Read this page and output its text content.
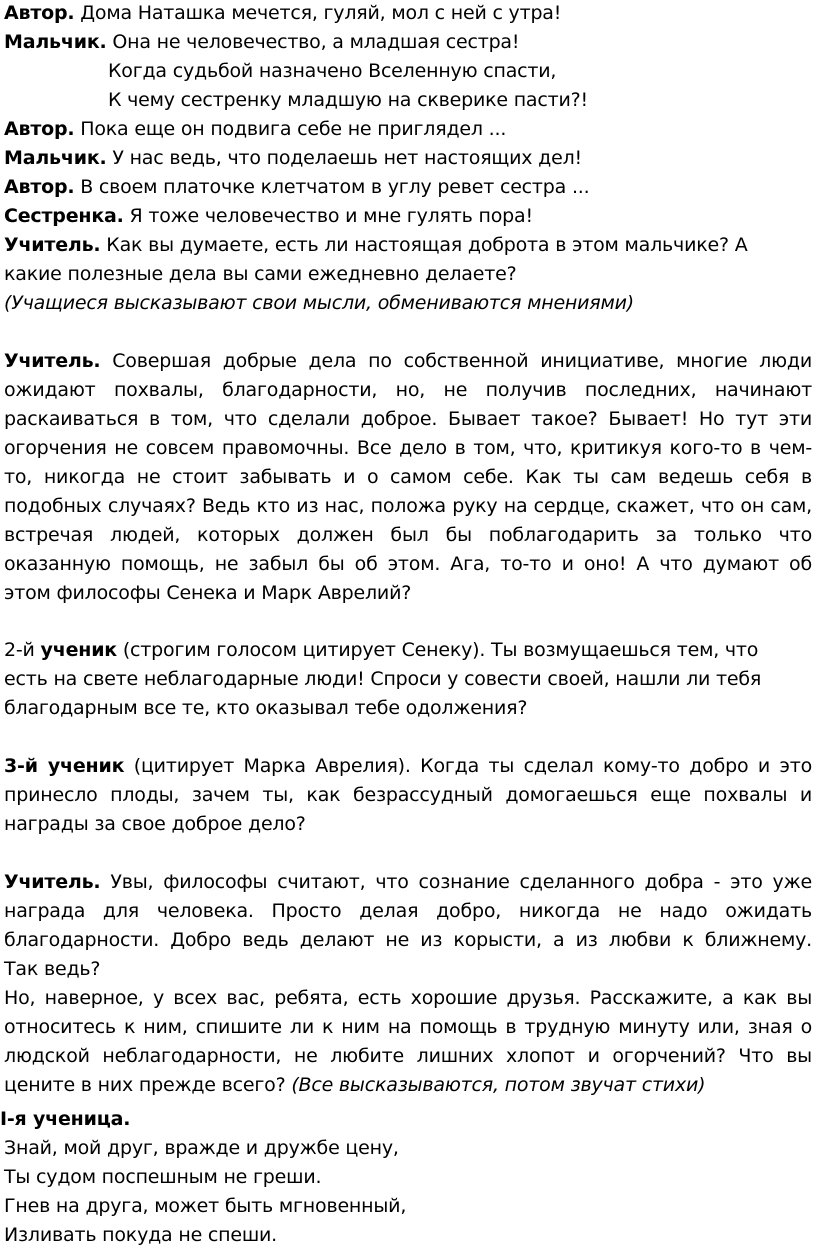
Автор. Дома Наташка мечется, гуляй, мол с ней с утра!
Мальчик. Она не человечество, а младшая сестра!
Когда судьбой назначено Вселенную спасти,
К чему сестренку младшую на скверике пасти?!
Автор. Пока еще он подвига себе не приглядел ...
Мальчик. У нас ведь, что поделаешь нет настоящих дел!
Автор. В своем платочке клетчатом в углу ревет сестра ...
Сестренка. Я тоже человечество и мне гулять пора!
Учитель. Как вы думаете, есть ли настоящая доброта в этом мальчике? А
какие полезные дела вы сами ежедневно делаете?
(Учащиеся высказывают свои мысли, обмениваются мнениями)
Учитель. Совершая добрые дела по собственной инициативе, многие люди
ожидают похвалы, благодарности, но, не получив последних, начинают
раскаиваться в том, что сделали доброе. Бывает такое? Бывает! Но тут эти
огорчения не совсем правомочны. Все дело в том, что, критикуя кого-то в чем-
то, никогда не стоит забывать и о самом себе. Как ты сам ведешь себя в
подобных случаях? Ведь кто из нас, положа руку на сердце, скажет, что он сам,
встречая людей, которых должен был бы поблагодарить за только что
оказанную помощь, не забыл бы об этом. Ага, то-то и оно! А что думают об
этом философы Сенека и Марк Аврелий?
2-й ученик (строгим голосом цитирует Сенеку). Ты возмущаешься тем, что
есть на свете неблагодарные люди! Спроси у совести своей, нашли ли тебя
благодарным все те, кто оказывал тебе одолжения?
3-й ученик (цитирует Марка Аврелия). Когда ты сделал кому-то добро и это
принесло плоды, зачем ты, как безрассудный домогаешься еще похвалы и
награды за свое доброе дело?
Учитель. Увы, философы считают, что сознание сделанного добра - это уже
награда для человека. Просто делая добро, никогда не надо ожидать
благодарности. Добро ведь делают не из корысти, а из любви к ближнему.
Так ведь?
Но, наверное, у всех вас, ребята, есть хорошие друзья. Расскажите, а как вы
относитесь к ним, спишите ли к ним на помощь в трудную минуту или, зная о
людской неблагодарности, не любите лишних хлопот и огорчений? Что вы
цените в них прежде всего? (Все высказываются, потом звучат стихи)
I-я ученица.
Знай, мой друг, вражде и дружбе цену,
Ты судом поспешным не греши.
Гнев на друга, может быть мгновенный,
Изливать покуда не спеши.
